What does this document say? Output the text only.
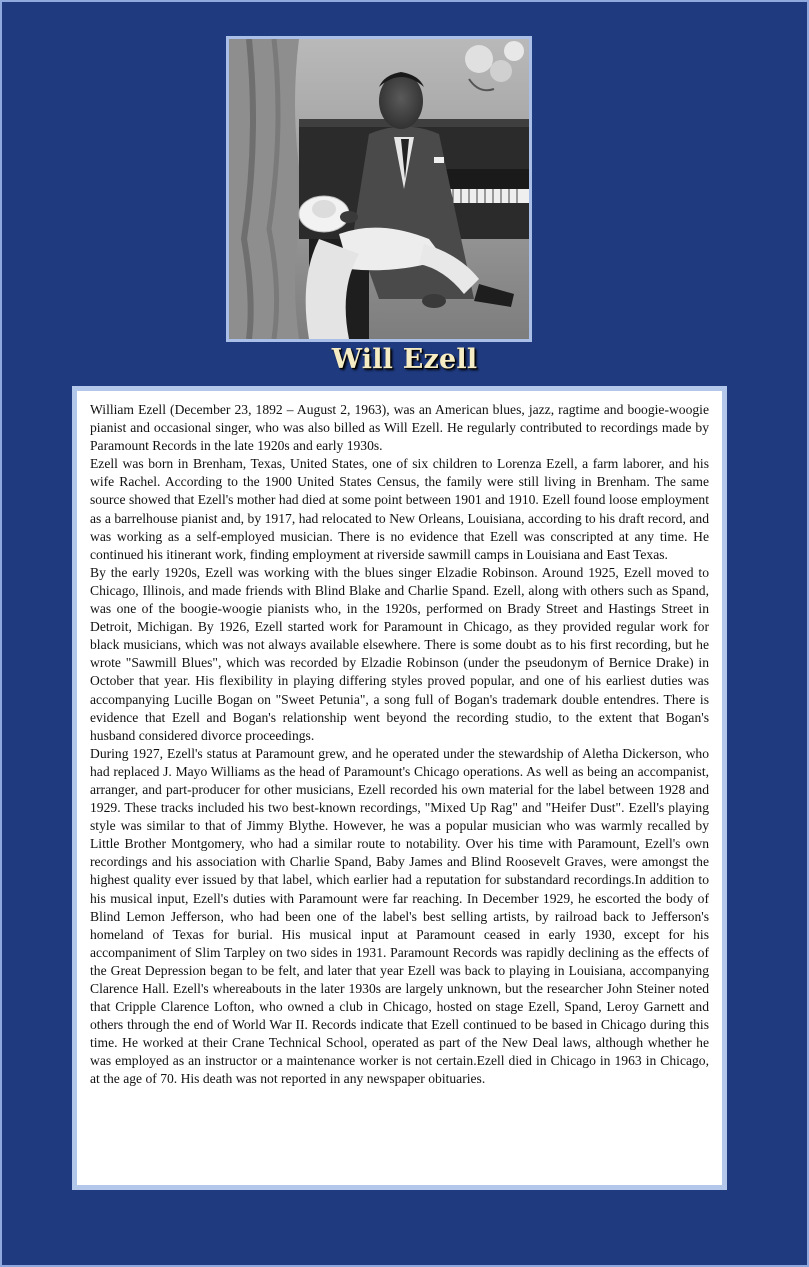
Will Ezell

William Ezell (December 23, 1892 – August 2, 1963), was an American blues, jazz, ragtime and boogie-woogie pianist and occasional singer, who was also billed as Will Ezell. He regularly contributed to recordings made by Paramount Records in the late 1920s and early 1930s.

Ezell was born in Brenham, Texas, United States, one of six children to Lorenza Ezell, a farm laborer, and his wife Rachel. According to the 1900 United States Census, the family were still living in Brenham. The same source showed that Ezell's mother had died at some point between 1901 and 1910. Ezell found loose employment as a barrelhouse pianist and, by 1917, had relocated to New Orleans, Louisiana, according to his draft record, and was working as a self-employed musician. There is no evidence that Ezell was conscripted at any time. He continued his itinerant work, finding employment at riverside sawmill camps in Louisiana and East Texas.

By the early 1920s, Ezell was working with the blues singer Elzadie Robinson. Around 1925, Ezell moved to Chicago, Illinois, and made friends with Blind Blake and Charlie Spand. Ezell, along with others such as Spand, was one of the boogie-woogie pianists who, in the 1920s, performed on Brady Street and Hastings Street in Detroit, Michigan. By 1926, Ezell started work for Paramount in Chicago, as they provided regular work for black musicians, which was not always available elsewhere. There is some doubt as to his first recording, but he wrote "Sawmill Blues", which was recorded by Elzadie Robinson (under the pseudonym of Bernice Drake) in October that year. His flexibility in playing differing styles proved popular, and one of his earliest duties was accompanying Lucille Bogan on "Sweet Petunia", a song full of Bogan's trademark double entendres. There is evidence that Ezell and Bogan's relationship went beyond the recording studio, to the extent that Bogan's husband considered divorce proceedings.

During 1927, Ezell's status at Paramount grew, and he operated under the stewardship of Aletha Dickerson, who had replaced J. Mayo Williams as the head of Paramount's Chicago operations. As well as being an accompanist, arranger, and part-producer for other musicians, Ezell recorded his own material for the label between 1928 and 1929. These tracks included his two best-known recordings, "Mixed Up Rag" and "Heifer Dust". Ezell's playing style was similar to that of Jimmy Blythe. However, he was a popular musician who was warmly recalled by Little Brother Montgomery, who had a similar route to notability. Over his time with Paramount, Ezell's own recordings and his association with Charlie Spand, Baby James and Blind Roosevelt Graves, were amongst the highest quality ever issued by that label, which earlier had a reputation for substandard recordings.In addition to his musical input, Ezell's duties with Paramount were far reaching. In December 1929, he escorted the body of Blind Lemon Jefferson, who had been one of the label's best selling artists, by railroad back to Jefferson's homeland of Texas for burial. His musical input at Paramount ceased in early 1930, except for his accompaniment of Slim Tarpley on two sides in 1931. Paramount Records was rapidly declining as the effects of the Great Depression began to be felt, and later that year Ezell was back to playing in Louisiana, accompanying Clarence Hall. Ezell's whereabouts in the later 1930s are largely unknown, but the researcher John Steiner noted that Cripple Clarence Lofton, who owned a club in Chicago, hosted on stage Ezell, Spand, Leroy Garnett and others through the end of World War II. Records indicate that Ezell continued to be based in Chicago during this time. He worked at their Crane Technical School, operated as part of the New Deal laws, although whether he was employed as an instructor or a maintenance worker is not certain.Ezell died in Chicago in 1963 in Chicago, at the age of 70. His death was not reported in any newspaper obituaries.
